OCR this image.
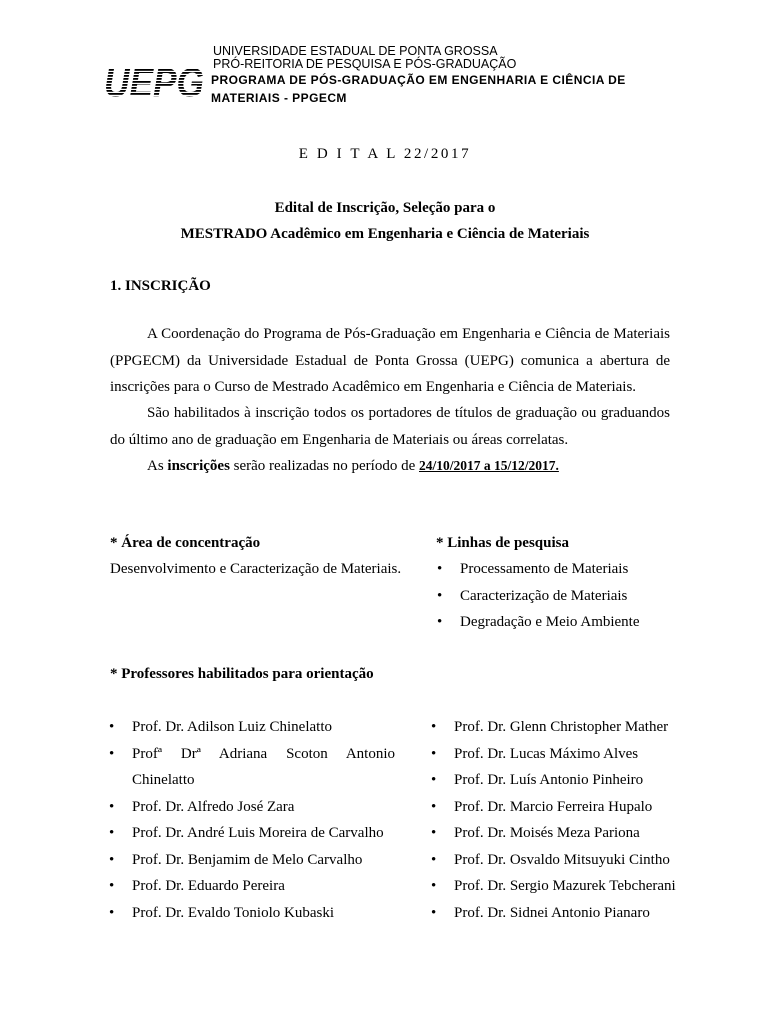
UNIVERSIDADE ESTADUAL DE PONTA GROSSA
PRÓ-REITORIA DE PESQUISA E PÓS-GRADUAÇÃO
PROGRAMA DE PÓS-GRADUAÇÃO EM ENGENHARIA E CIÊNCIA DE
MATERIAIS - PPGECM
E D I T A L 22/2017
Edital de Inscrição, Seleção para o
MESTRADO Acadêmico em Engenharia e Ciência de Materiais
1. INSCRIÇÃO
A Coordenação do Programa de Pós-Graduação em Engenharia e Ciência de Materiais
(PPGECM) da Universidade Estadual de Ponta Grossa (UEPG) comunica a abertura de
inscrições para o Curso de Mestrado Acadêmico em Engenharia e Ciência de Materiais.
São habilitados à inscrição todos os portadores de títulos de graduação ou graduandos
do último ano de graduação em Engenharia de Materiais ou áreas correlatas.
As inscrições serão realizadas no período de 24/10/2017 a 15/12/2017.
* Área de concentração
Desenvolvimento e Caracterização de Materiais.
* Linhas de pesquisa
• Processamento de Materiais
• Caracterização de Materiais
• Degradação e Meio Ambiente
* Professores habilitados para orientação
• Prof. Dr. Adilson Luiz Chinelatto
• Profª Drª Adriana Scoton Antonio
Chinelatto
• Prof. Dr. Alfredo José Zara
• Prof. Dr. André Luis Moreira de Carvalho
• Prof. Dr. Benjamim de Melo Carvalho
• Prof. Dr. Eduardo Pereira
• Prof. Dr. Evaldo Toniolo Kubaski
• Prof. Dr. Glenn Christopher Mather
• Prof. Dr. Lucas Máximo Alves
• Prof. Dr. Luís Antonio Pinheiro
• Prof. Dr. Marcio Ferreira Hupalo
• Prof. Dr. Moisés Meza Pariona
• Prof. Dr. Osvaldo Mitsuyuki Cintho
• Prof. Dr. Sergio Mazurek Tebcherani
• Prof. Dr. Sidnei Antonio Pianaro
